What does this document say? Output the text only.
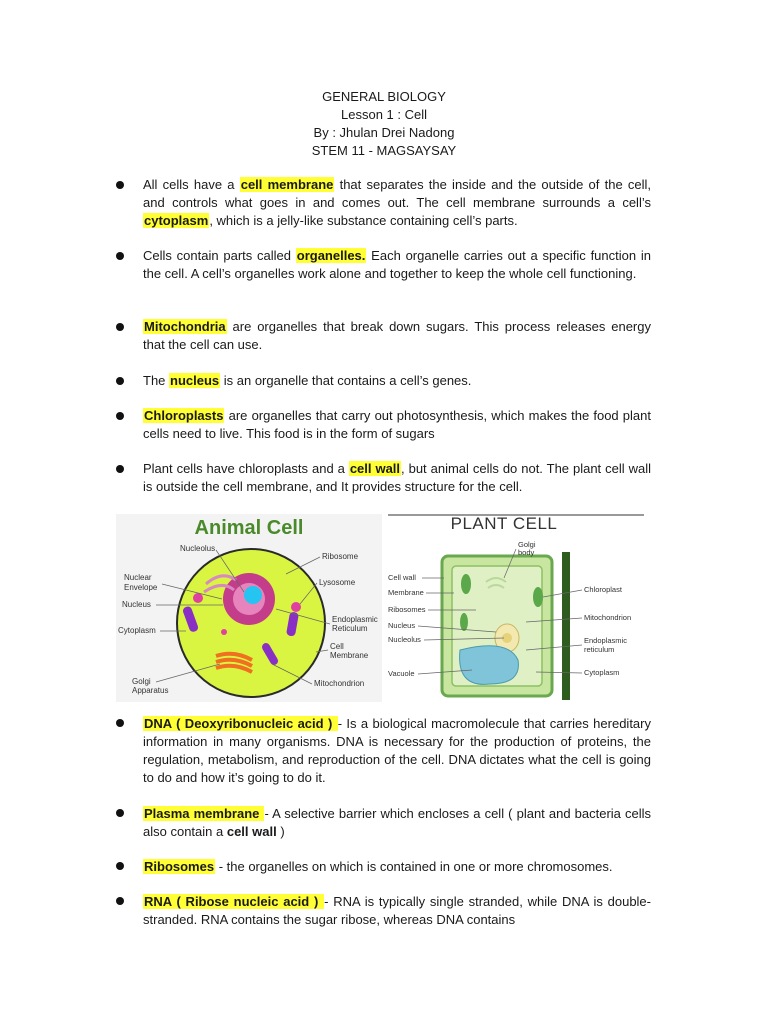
GENERAL BIOLOGY
Lesson 1 : Cell
By : Jhulan Drei Nadong
STEM 11 - MAGSAYSAY
All cells have a cell membrane that separates the inside and the outside of the cell, and controls what goes in and comes out. The cell membrane surrounds a cell’s cytoplasm, which is a jelly-like substance containing cell’s parts.
Cells contain parts called organelles. Each organelle carries out a specific function in the cell. A cell’s organelles work alone and together to keep the whole cell functioning.
Mitochondria are organelles that break down sugars. This process releases energy that the cell can use.
The nucleus is an organelle that contains a cell’s genes.
Chloroplasts are organelles that carry out photosynthesis, which makes the food plant cells need to live. This food is in the form of sugars
Plant cells have chloroplasts and a cell wall, but animal cells do not. The plant cell wall is outside the cell membrane, and It provides structure for the cell.
Animal Cell
Nucleolus
Ribosome
Nuclear
Envelope
Lysosome
Nucleus
Endoplasmic
Reticulum
Cytoplasm
Cell
Membrane
Golgi
Apparatus
Mitochondrion
PLANT CELL
Golgi
body
Cell wall
Membrane
Ribosomes
Nucleus
Nucleolus
Vacuole
Chloroplast
Mitochondrion
Endoplasmic
reticulum
Cytoplasm
DNA ( Deoxyribonucleic acid ) - Is a biological macromolecule that carries hereditary information in many organisms. DNA is necessary for the production of proteins, the regulation, metabolism, and reproduction of the cell. DNA dictates what the cell is going to do and how it’s going to do it.
Plasma membrane - A selective barrier which encloses a cell ( plant and bacteria cells also contain a cell wall )
Ribosomes - the organelles on which is contained in one or more chromosomes.
RNA ( Ribose nucleic acid ) - RNA is typically single stranded, while DNA is double-stranded. RNA contains the sugar ribose, whereas DNA contains
